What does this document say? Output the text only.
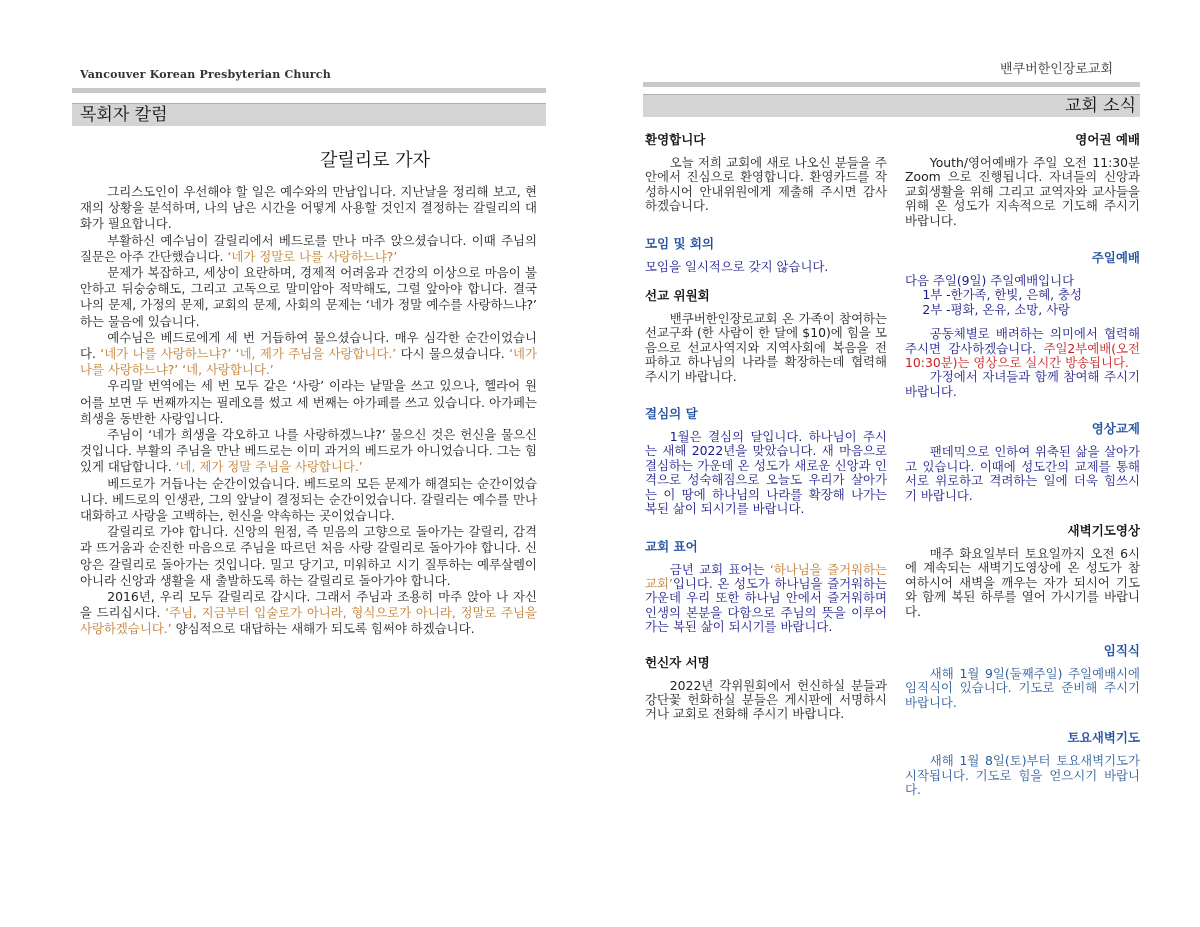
Vancouver Korean Presbyterian Church	밴쿠버한인장로교회
목회자 칼럼
갈릴리로 가자

그리스도인이 우선해야 할 일은 예수와의 만남입니다. 지난날을 정리해 보고, 현재의 상황을 분석하며, 나의 남은 시간을 어떻게 사용할 것인지 결정하는 갈릴리의 대화가 필요합니다.

부활하신 예수님이 갈릴리에서 베드로를 만나 마주 앉으셨습니다. 이때 주님의 질문은 아주 간단했습니다. ‘네가 정말로 나를 사랑하느냐?’

문제가 복잡하고, 세상이 요란하며, 경제적 어려움과 건강의 이상으로 마음이 불안하고 뒤숭숭해도, 그리고 고독으로 말미암아 적막해도, 그럴 앞아야 합니다. 결국 나의 문제, 가정의 문제, 교회의 문제, 사회의 문제는 ‘네가 정말 예수를 사랑하느냐?’ 하는 물음에 있습니다.

예수님은 베드로에게 세 번 거듭하여 물으셨습니다. 매우 심각한 순간이었습니다. ‘네가 나를 사랑하느냐?’ ‘네, 제가 주님을 사랑합니다.’ 다시 물으셨습니다. ‘네가 나를 사랑하느냐?’ ‘네, 사랑합니다.’

우리말 번역에는 세 번 모두 같은 ‘사랑’ 이라는 낱말을 쓰고 있으나, 헬라어 원어를 보면 두 번째까지는 필레오를 썼고 세 번째는 아가페를 쓰고 있습니다. 아가페는 희생을 동반한 사랑입니다.

주님이 ‘네가 희생을 각오하고 나를 사랑하겠느냐?’ 물으신 것은 헌신을 물으신 것입니다. 부활의 주님을 만난 베드로는 이미 과거의 베드로가 아니었습니다. 그는 힘 있게 대답합니다. ‘네, 제가 정말 주님을 사랑합니다.’

베드로가 거듭나는 순간이었습니다. 베드로의 모든 문제가 해결되는 순간이었습니다. 베드로의 인생관, 그의 앞날이 결정되는 순간이었습니다. 갈릴리는 예수를 만나 대화하고 사랑을 고백하는, 헌신을 약속하는 곳이었습니다.

갈릴리로 가야 합니다. 신앙의 원점, 즉 믿음의 고향으로 돌아가는 갈릴리, 감격과 뜨거움과 순진한 마음으로 주님을 따르던 처음 사랑 갈릴리로 돌아가야 합니다. 신앙은 갈릴리로 돌아가는 것입니다. 밀고 당기고, 미워하고 시기 질투하는 예루살렘이 아니라 신앙과 생활을 새 출발하도록 하는 갈릴리로 돌아가야 합니다.

2016년, 우리 모두 갈릴리로 갑시다. 그래서 주님과 조용히 마주 앉아 나 자신을 드리십시다. ‘주님, 지금부터 입술로가 아니라, 형식으로가 아니라, 정말로 주님을 사랑하겠습니다.’ 양심적으로 대답하는 새해가 되도록 힘써야 하겠습니다.

교회 소식
환영합니다

오늘 저희 교회에 새로 나오신 분들을 주 안에서 진심으로 환영합니다. 환영카드를 작성하시어 안내위원에게 제출해 주시면 감사하겠습니다.

모임 및 회의

모임을 일시적으로 갖지 않습니다.

선교 위원회

밴쿠버한인장로교회 온 가족이 참여하는 선교구좌 (한 사람이 한 달에 $10)에 힘을 모음으로 선교사역지와 지역사회에 복음을 전파하고 하나님의 나라를 확장하는데 협력해 주시기 바랍니다.

결심의 달

1월은 결심의 달입니다. 하나님이 주시는 새해 2022년을 맞았습니다. 새 마음으로 결심하는 가운데 온 성도가 새로운 신앙과 인격으로 성숙해짐으로 오늘도 우리가 살아가는 이 땅에 하나님의 나라를 확장해 나가는 복된 삶이 되시기를 바랍니다.

교회 표어

금년 교회 표어는 ‘하나님을 즐거워하는 교회’입니다. 온 성도가 하나님을 즐거워하는 가운데 우리 또한 하나님 안에서 즐거워하며 인생의 본분을 다함으로 주님의 뜻을 이루어가는 복된 삶이 되시기를 바랍니다.

헌신자 서명

2022년 각위원회에서 헌신하실 분들과 강단꽃 헌화하실 분들은 게시판에 서명하시거나 교회로 전화해 주시기 바랍니다.

영어권 예배

Youth/영어예배가 주일 오전 11:30분 Zoom 으로 진행됩니다. 자녀들의 신앙과 교회생활을 위해 그리고 교역자와 교사들을 위해 온 성도가 지속적으로 기도해 주시기 바랍니다.

주일예배

다음 주일(9일) 주일예배입니다

1부 -한가족, 한빛, 은혜, 충성
2부 -평화, 온유, 소망, 사랑

공동체별로 배려하는 의미에서 협력해 주시면 감사하겠습니다. 주일2부예배(오전10:30분)는 영상으로 실시간 방송됩니다.

가정에서 자녀들과 함께 참여해 주시기 바랍니다.

영상교제

팬데믹으로 인하여 위축된 삶을 살아가고 있습니다. 이때에 성도간의 교제를 통해 서로 위로하고 격려하는 일에 더욱 힘쓰시기 바랍니다.

새벽기도영상

매주 화요일부터 토요일까지 오전 6시에 계속되는 새벽기도영상에 온 성도가 참여하시어 새벽을 깨우는 자가 되시어 기도와 함께 복된 하루를 열어 가시기를 바랍니다.

임직식

새해 1월 9일(둘째주일) 주일예배시에 임직식이 있습니다. 기도로 준비해 주시기 바랍니다.

토요새벽기도

새해 1월 8일(토)부터 토요새벽기도가 시작됩니다. 기도로 힘을 얻으시기 바랍니다.
